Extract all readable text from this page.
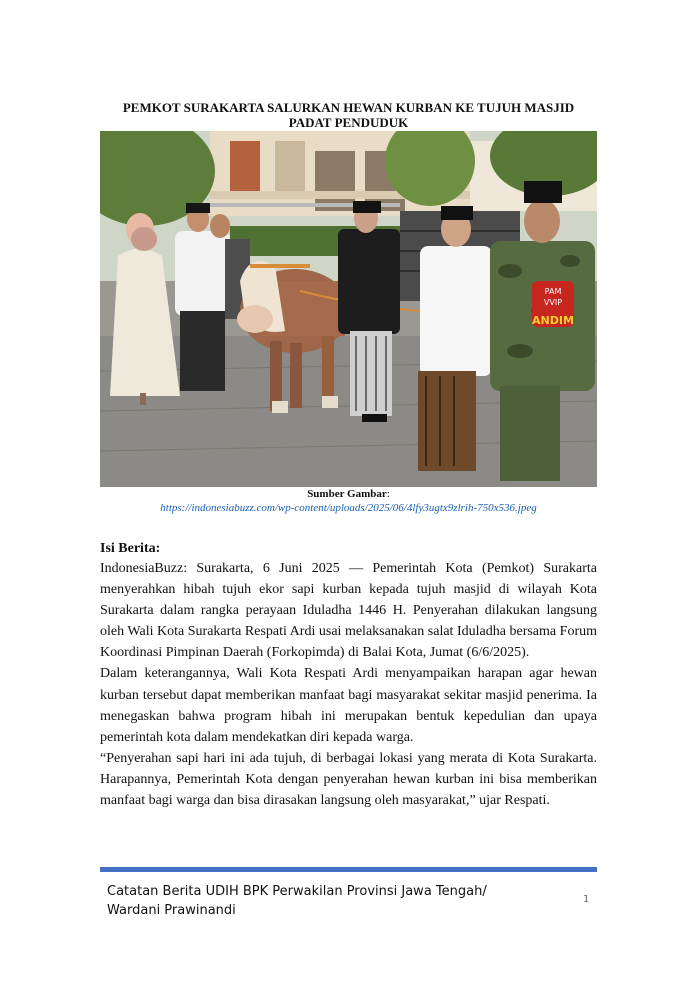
PEMKOT SURAKARTA SALURKAN HEWAN KURBAN KE TUJUH MASJID PADAT PENDUDUK
PAM
VVIP
ANDIM
Sumber Gambar:
https://indonesiabuzz.com/wp-content/uploads/2025/06/4lfy3ugtx9zlrih-750x536.jpeg
Isi Berita:

IndonesiaBuzz: Surakarta, 6 Juni 2025 — Pemerintah Kota (Pemkot) Surakarta menyerahkan hibah tujuh ekor sapi kurban kepada tujuh masjid di wilayah Kota Surakarta dalam rangka perayaan Iduladha 1446 H. Penyerahan dilakukan langsung oleh Wali Kota Surakarta Respati Ardi usai melaksanakan salat Iduladha bersama Forum Koordinasi Pimpinan Daerah (Forkopimda) di Balai Kota, Jumat (6/6/2025).

Dalam keterangannya, Wali Kota Respati Ardi menyampaikan harapan agar hewan kurban tersebut dapat memberikan manfaat bagi masyarakat sekitar masjid penerima. Ia menegaskan bahwa program hibah ini merupakan bentuk kepedulian dan upaya pemerintah kota dalam mendekatkan diri kepada warga.

“Penyerahan sapi hari ini ada tujuh, di berbagai lokasi yang merata di Kota Surakarta. Harapannya, Pemerintah Kota dengan penyerahan hewan kurban ini bisa memberikan manfaat bagi warga dan bisa dirasakan langsung oleh masyarakat,” ujar Respati.

Catatan Berita UDIH BPK Perwakilan Provinsi Jawa Tengah/
Wardani Prawinandi
1
